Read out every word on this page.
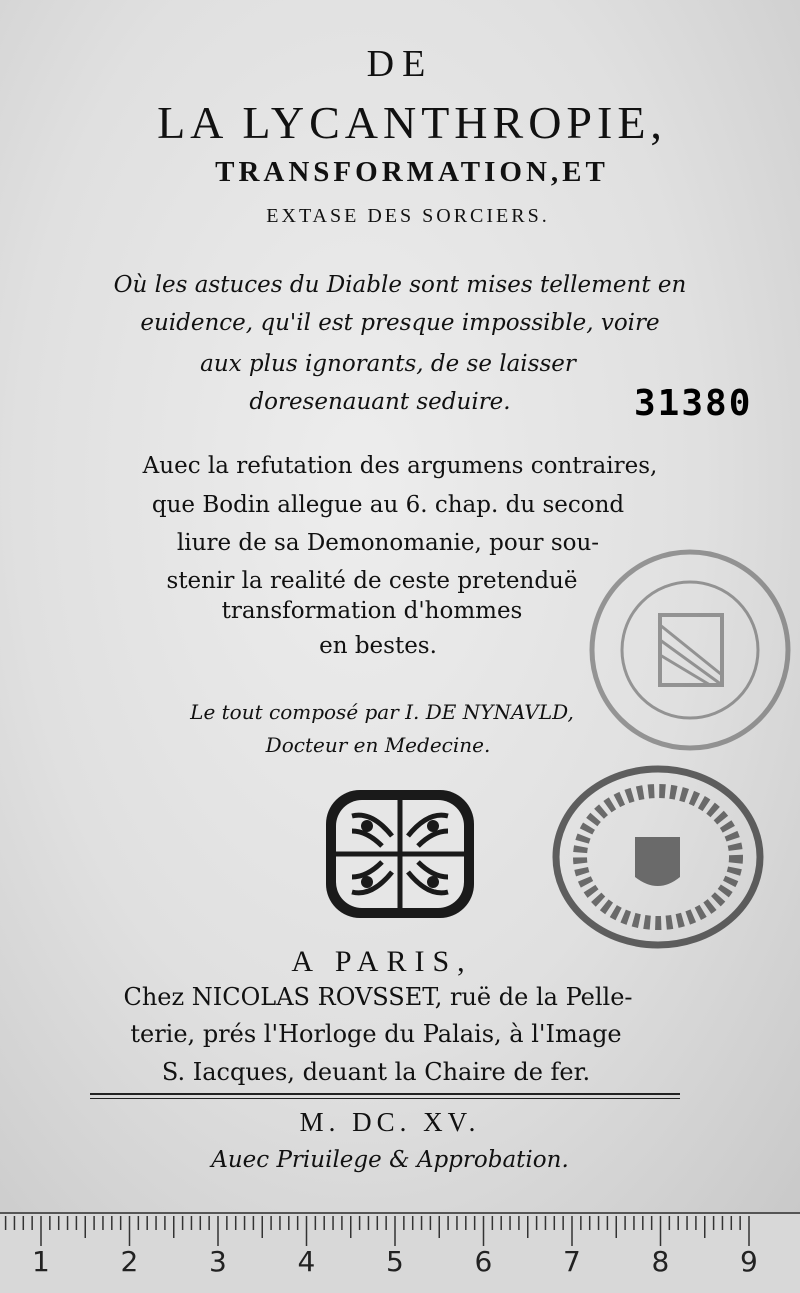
DE
LA LYCANTHROPIE,
TRANSFORMATION,ET
EXTASE DES SORCIERS.
Où les astuces du Diable sont mises tellement en
euidence, qu'il est presque impossible, voire
aux plus ignorants, de se laisser
doresenauant seduire.	31380
Auec la refutation des argumens contraires,
que Bodin allegue au 6. chap. du second
liure de sa Demonomanie, pour sou-
stenir la realité de ceste pretenduë
transformation d'hommes
en bestes.
Le tout composé par I. DE NYNAVLD,
Docteur en Medecine.
A PARIS,
Chez NICOLAS ROVSSET, ruë de la Pelle-
terie, prés l'Horloge du Palais, à l'Image
S. Iacques, deuant la Chaire de fer.
M. DC. XV.
Auec Priuilege & Approbation.
1	2	3	4	5	6	7	8	9
